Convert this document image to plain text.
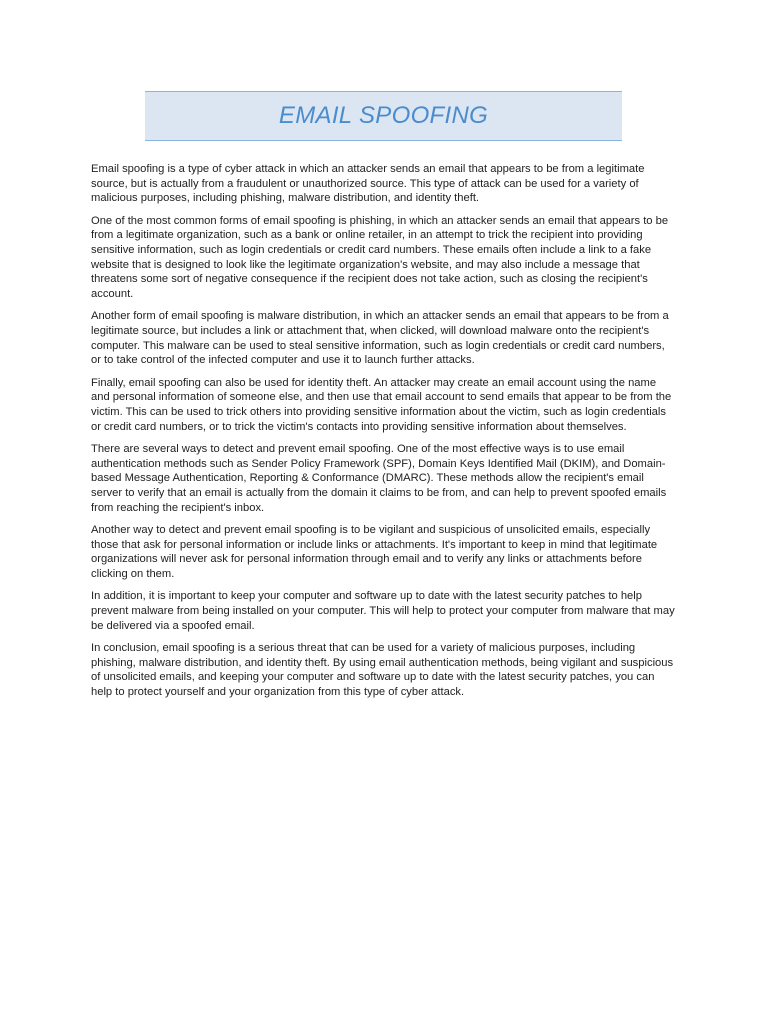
EMAIL SPOOFING

Email spoofing is a type of cyber attack in which an attacker sends an email that appears to be from a legitimate source, but is actually from a fraudulent or unauthorized source. This type of attack can be used for a variety of malicious purposes, including phishing, malware distribution, and identity theft.

One of the most common forms of email spoofing is phishing, in which an attacker sends an email that appears to be from a legitimate organization, such as a bank or online retailer, in an attempt to trick the recipient into providing sensitive information, such as login credentials or credit card numbers. These emails often include a link to a fake website that is designed to look like the legitimate organization's website, and may also include a message that threatens some sort of negative consequence if the recipient does not take action, such as closing the recipient's account.

Another form of email spoofing is malware distribution, in which an attacker sends an email that appears to be from a legitimate source, but includes a link or attachment that, when clicked, will download malware onto the recipient's computer. This malware can be used to steal sensitive information, such as login credentials or credit card numbers, or to take control of the infected computer and use it to launch further attacks.

Finally, email spoofing can also be used for identity theft. An attacker may create an email account using the name and personal information of someone else, and then use that email account to send emails that appear to be from the victim. This can be used to trick others into providing sensitive information about the victim, such as login credentials or credit card numbers, or to trick the victim's contacts into providing sensitive information about themselves.

There are several ways to detect and prevent email spoofing. One of the most effective ways is to use email authentication methods such as Sender Policy Framework (SPF), Domain Keys Identified Mail (DKIM), and Domain-based Message Authentication, Reporting & Conformance (DMARC). These methods allow the recipient's email server to verify that an email is actually from the domain it claims to be from, and can help to prevent spoofed emails from reaching the recipient's inbox.

Another way to detect and prevent email spoofing is to be vigilant and suspicious of unsolicited emails, especially those that ask for personal information or include links or attachments. It's important to keep in mind that legitimate organizations will never ask for personal information through email and to verify any links or attachments before clicking on them.

In addition, it is important to keep your computer and software up to date with the latest security patches to help prevent malware from being installed on your computer. This will help to protect your computer from malware that may be delivered via a spoofed email.

In conclusion, email spoofing is a serious threat that can be used for a variety of malicious purposes, including phishing, malware distribution, and identity theft. By using email authentication methods, being vigilant and suspicious of unsolicited emails, and keeping your computer and software up to date with the latest security patches, you can help to protect yourself and your organization from this type of cyber attack.
